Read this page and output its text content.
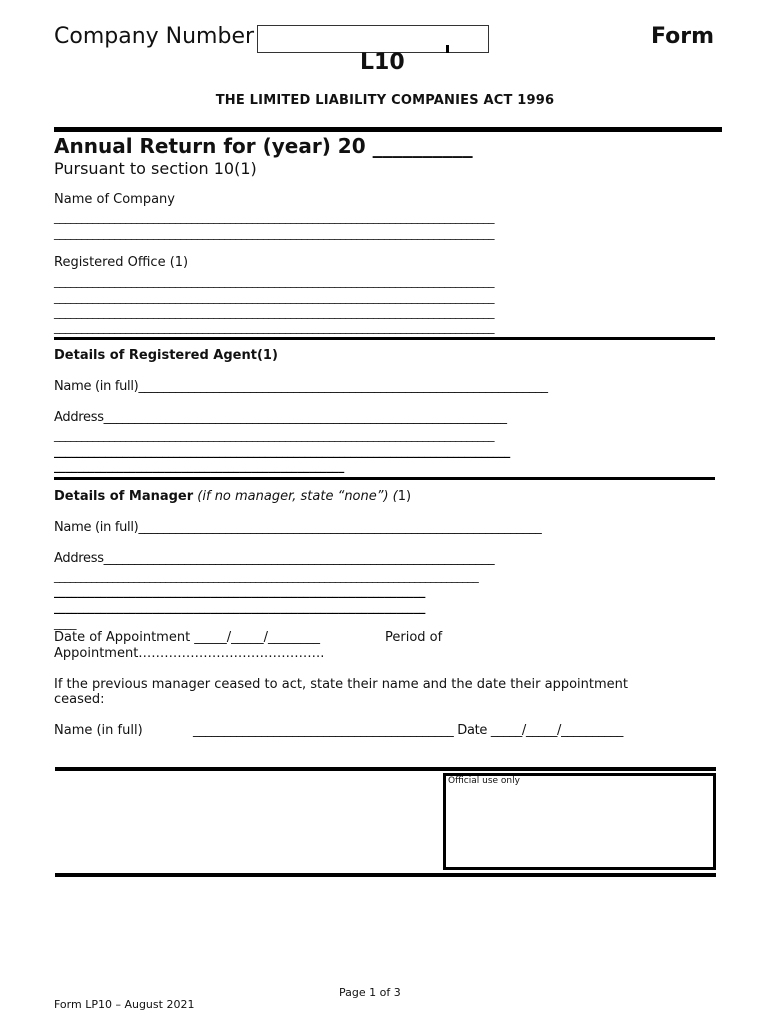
Company Number	Form
L10
THE LIMITED LIABILITY COMPANIES ACT 1996
Annual Return for (year) 20 __________
Pursuant to section 10(1)
Name of Company
________________________________________________________________________________
________________________________________________________________________________
Registered Office (1)
________________________________________________________________________________
________________________________________________________________________________
________________________________________________________________________________
________________________________________________________________________________
Details of Registered Agent(1)
Name (in full)__________________________________________________________________
Address_________________________________________________________________
________________________________________________________________________________
________________________________________________________________________________
__________________________________________________
Details of Manager (if no manager, state “none”) (1)
Name (in full)_________________________________________________________________
Address_______________________________________________________________
________________________________________________________________________________
________________________________________________________________
________________________________________________________________
____
Date of Appointment _____/_____/________	Period of
Appointment…………………………………….
If the previous manager ceased to act, state their name and the date their appointment
ceased:
Name (in full)	__________________________________________ Date _____/_____/__________
Official use only
Page 1 of 3
Form LP10 – August 2021
